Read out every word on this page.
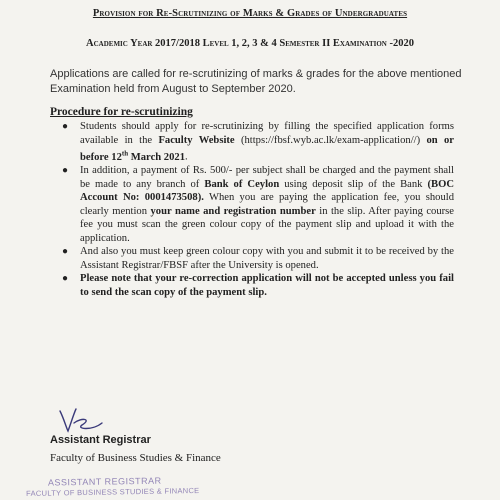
Provision for Re-Scrutinizing of Marks & Grades of Undergraduates
Academic Year 2017/2018 Level 1, 2, 3 & 4 Semester II Examination -2020
Applications are called for re-scrutinizing of marks & grades for the above mentioned Examination held from August to September 2020.
Procedure for re-scrutinizing
● Students should apply for re-scrutinizing by filling the specified application forms available in the Faculty Website (https://fbsf.wyb.ac.lk/exam-application//) on or before 12th March 2021.
● In addition, a payment of Rs. 500/- per subject shall be charged and the payment shall be made to any branch of Bank of Ceylon using deposit slip of the Bank (BOC Account No: 0001473508). When you are paying the application fee, you should clearly mention your name and registration number in the slip. After paying course fee you must scan the green colour copy of the payment slip and upload it with the application.
● And also you must keep green colour copy with you and submit it to be received by the Assistant Registrar/FBSF after the University is opened.
● Please note that your re-correction application will not be accepted unless you fail to send the scan copy of the payment slip.
Assistant Registrar
Faculty of Business Studies & Finance
ASSISTANT REGISTRAR
FACULTY OF BUSINESS STUDIES & FINANCE
